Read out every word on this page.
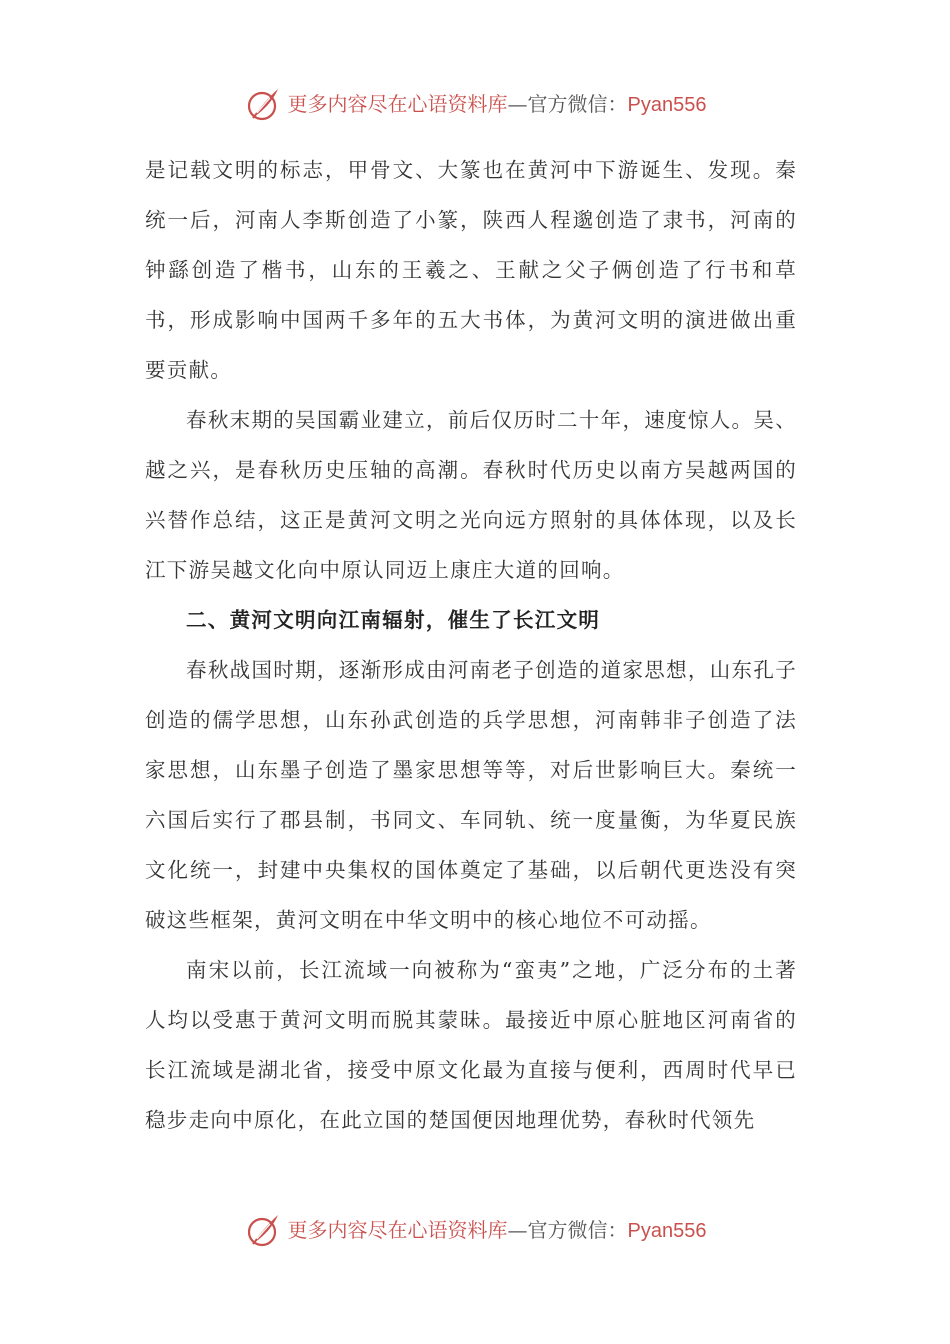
更多内容尽在心语资料库—官方微信：Pyan556

是记载文明的标志，甲骨文、大篆也在黄河中下游诞生、发现。秦统一后，河南人李斯创造了小篆，陕西人程邈创造了隶书，河南的钟繇创造了楷书，山东的王羲之、王献之父子俩创造了行书和草书，形成影响中国两千多年的五大书体，为黄河文明的演进做出重要贡献。

春秋末期的吴国霸业建立，前后仅历时二十年，速度惊人。吴、越之兴，是春秋历史压轴的高潮。春秋时代历史以南方吴越两国的兴替作总结，这正是黄河文明之光向远方照射的具体体现，以及长江下游吴越文化向中原认同迈上康庄大道的回响。

二、黄河文明向江南辐射，催生了长江文明

春秋战国时期，逐渐形成由河南老子创造的道家思想，山东孔子创造的儒学思想，山东孙武创造的兵学思想，河南韩非子创造了法家思想，山东墨子创造了墨家思想等等，对后世影响巨大。秦统一六国后实行了郡县制，书同文、车同轨、统一度量衡，为华夏民族文化统一，封建中央集权的国体奠定了基础，以后朝代更迭没有突破这些框架，黄河文明在中华文明中的核心地位不可动摇。

南宋以前，长江流域一向被称为“蛮夷”之地，广泛分布的土著人均以受惠于黄河文明而脱其蒙昧。最接近中原心脏地区河南省的长江流域是湖北省，接受中原文化最为直接与便利，西周时代早已稳步走向中原化，在此立国的楚国便因地理优势，春秋时代领先

更多内容尽在心语资料库—官方微信：Pyan556
